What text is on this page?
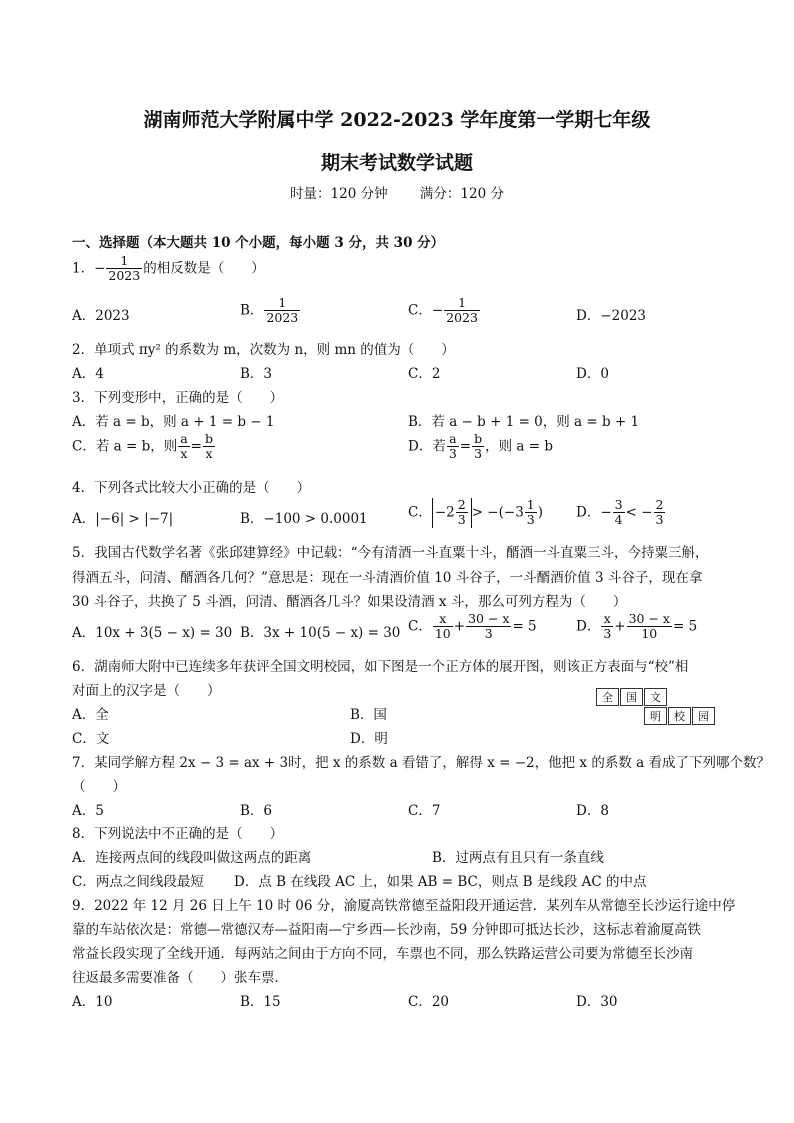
湖南师范大学附属中学 2022-2023 学年度第一学期七年级
期末考试数学试题
时量：120 分钟 满分：120 分
一、选择题（本大题共 10 个小题，每小题 3 分，共 30 分）
1．− $\frac{1}{2023}$ 的相反数是（　　）
A．2023	B． $\frac{1}{2023}$	C．− $\frac{1}{2023}$	D．−2023
2．单项式 πy² 的系数为 m，次数为 n，则 mn 的值为（　　）
A．4	B．3	C．2	D．0
3．下列变形中，正确的是（　　）
A．若 a = b，则 a + 1 = b − 1	B．若 a − b + 1 = 0，则 a = b + 1
C．若 a = b，则 $\frac{a}{x} = \frac{b}{x}$	D．若 $\frac{a}{3} = \frac{b}{3}$ ，则 a = b
4．下列各式比较大小正确的是（　　）
A．|−6| > |−7|	B．−100 > 0.0001	C． $-2 \frac{2}{3} > -(-3 \frac{1}{3}$ ) D．− $\frac{3}{4}$ < − $\frac{2}{3}$
5．我国古代数学名著《张邱建算经》中记载：“今有清酒一斗直粟十斗，醑酒一斗直粟三斗，今持粟三斛，
得酒五斗，问清、醑酒各几何？”意思是：现在一斗清酒价值 10 斗谷子，一斗醑酒价值 3 斗谷子，现在拿
30 斗谷子，共换了 5 斗酒，问清、醑酒各几斗？如果设清酒 x 斗，那么可列方程为（　　）
A．10x + 3(5 − x) = 30 B．3x + 10(5 − x) = 30 C． $\frac{x}{10} + \frac{30 - x}{3} = 5$	D． $\frac{x}{3} + \frac{30 - x}{10} = 5$
6．湖南师大附中已连续多年获评全国文明校园，如下图是一个正方体的展开图，则该正方表面与“校”相
对面上的汉字是（　　）
A．全	B．国
C．文	D．明
全	国	文
明	校	园
7．某同学解方程 2x − 3 = ax + 3时，把 x 的系数 a 看错了，解得 x = −2，他把 x 的系数 a 看成了下列哪个数？
（　　）
A．5	B．6	C．7	D．8
8．下列说法中不正确的是（　　）
A．连接两点间的线段叫做这两点的距离	B．过两点有且只有一条直线
C．两点之间线段最短 D．点 B 在线段 AC 上，如果 AB = BC，则点 B 是线段 AC 的中点
9．2022 年 12 月 26 日上午 10 时 06 分，渝厦高铁常德至益阳段开通运营．某列车从常德至长沙运行途中停
靠的车站依次是：常德—常德汉寿—益阳南—宁乡西—长沙南，59 分钟即可抵达长沙，这标志着渝厦高铁
常益长段实现了全线开通．每两站之间由于方向不同，车票也不同，那么铁路运营公司要为常德至长沙南
往返最多需要准备（　　）张车票．
A．10	B．15	C．20	D．30
